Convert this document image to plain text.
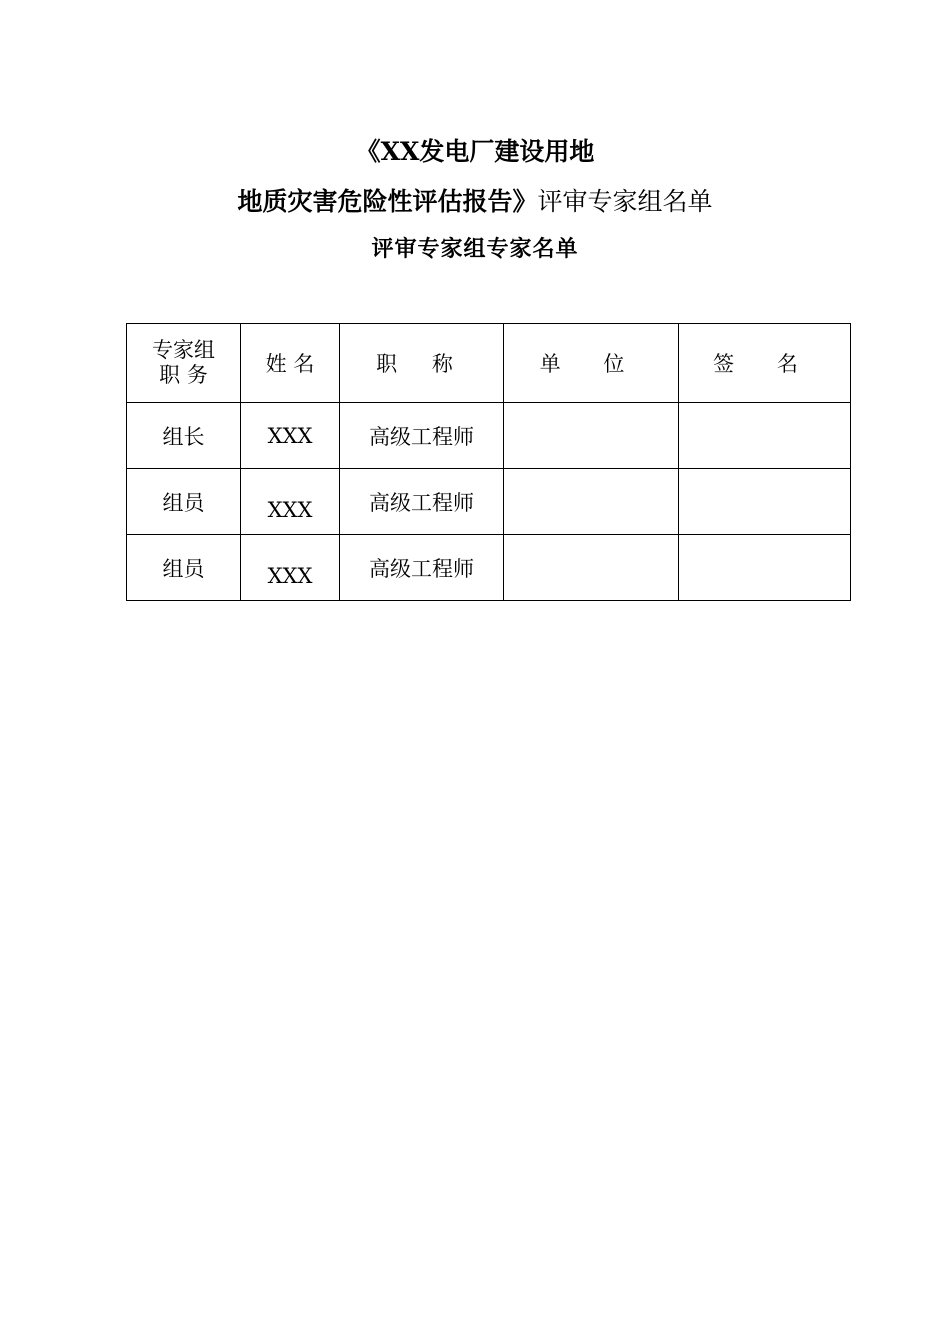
《XX发电厂建设用地
地质灾害危险性评估报告》评审专家组名单
评审专家组专家名单
专家组
职 务	姓 名	职 称	单 位	签 名
组长	XXX	高级工程师		
组员	XXX	高级工程师		
组员	XXX	高级工程师		
